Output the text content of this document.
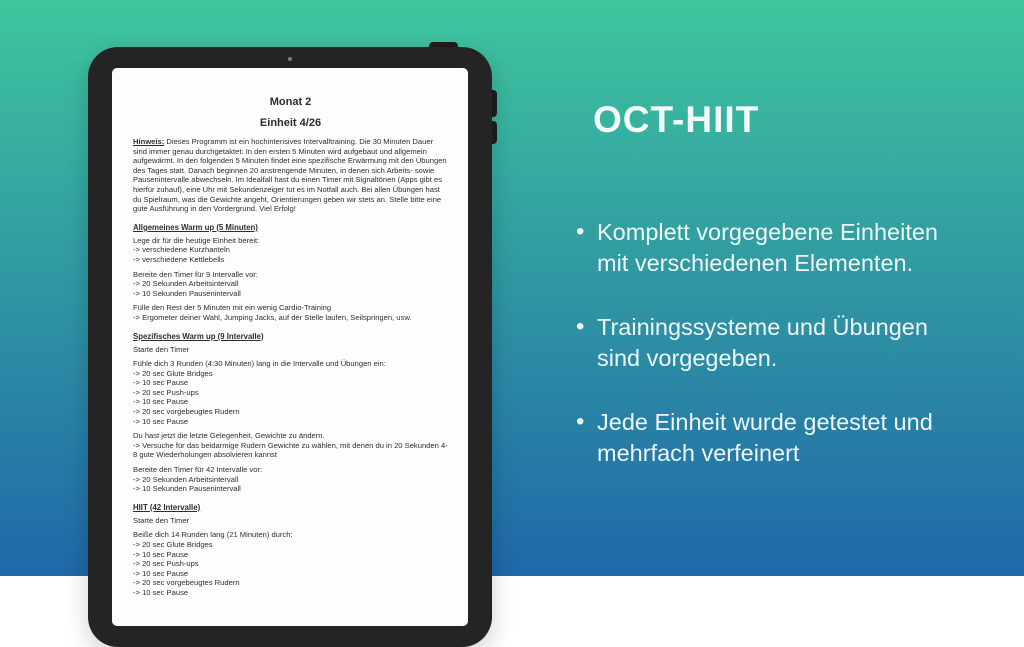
Monat 2
Einheit 4/26

Hinweis: Dieses Programm ist ein hochintensives Intervalltraining. Die 30 Minuten Dauer sind immer genau durchgetaktet: In den ersten 5 Minuten wird aufgebaut und allgemein aufgewärmt. In den folgenden 5 Minuten findet eine spezifische Erwärmung mit den Übungen des Tages statt. Danach beginnen 20 anstrengende Minuten, in denen sich Arbeits- sowie Pausenintervalle abwechseln. Im Idealfall hast du einen Timer mit Signaltönen (Apps gibt es hierfür zuhauf), eine Uhr mit Sekundenzeiger tut es im Notfall auch. Bei allen Übungen hast du Spielraum, was die Gewichte angeht, Orientierungen geben wir stets an. Stelle bitte eine gute Ausführung in den Vordergrund. Viel Erfolg!

Allgemeines Warm up (5 Minuten)

Lege dir für die heutige Einheit bereit:
-> verschiedene Kurzhanteln
-> verschiedene Kettlebells

Bereite den Timer für 9 Intervalle vor:
-> 20 Sekunden Arbeitsintervall
-> 10 Sekunden Pausenintervall

Fülle den Rest der 5 Minuten mit ein wenig Cardio-Training
-> Ergometer deiner Wahl, Jumping Jacks, auf der Stelle laufen, Seilspringen, usw.

Spezifisches Warm up (9 Intervalle)

Starte den Timer

Fühle dich 3 Runden (4:30 Minuten) lang in die Intervalle und Übungen ein:
-> 20 sec Glute Bridges
-> 10 sec Pause
-> 20 sec Push-ups
-> 10 sec Pause
-> 20 sec vorgebeugtes Rudern
-> 10 sec Pause

Du hast jetzt die letzte Gelegenheit, Gewichte zu ändern.
-> Versuche für das beidarmige Rudern Gewichte zu wählen, mit denen du in 20 Sekunden 4-8 gute Wiederholungen absolvieren kannst

Bereite den Timer für 42 Intervalle vor:
-> 20 Sekunden Arbeitsintervall
-> 10 Sekunden Pausenintervall

HIIT (42 Intervalle)

Starte den Timer

Beiße dich 14 Runden lang (21 Minuten) durch:
-> 20 sec Glute Bridges
-> 10 sec Pause
-> 20 sec Push-ups
-> 10 sec Pause
-> 20 sec vorgebeugtes Rudern
-> 10 sec Pause

OCT-HIIT
• Komplett vorgegebene Einheiten mit verschiedenen Elementen.
• Trainingssysteme und Übungen sind vorgegeben.
• Jede Einheit wurde getestet und mehrfach verfeinert
